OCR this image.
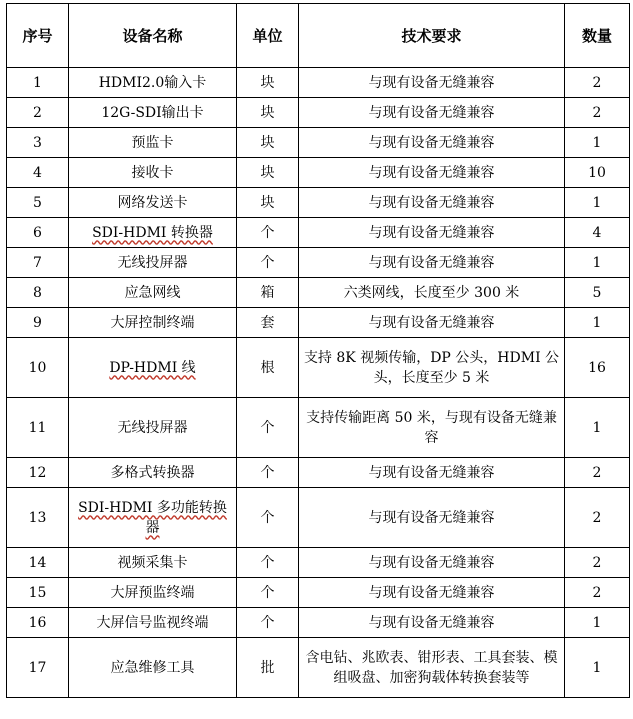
序号	设备名称	单位	技术要求	数量
1	HDMI2.0输入卡	块	与现有设备无缝兼容	2
2	12G-SDI输出卡	块	与现有设备无缝兼容	2
3	预监卡	块	与现有设备无缝兼容	1
4	接收卡	块	与现有设备无缝兼容	10
5	网络发送卡	块	与现有设备无缝兼容	1
6	SDI-HDMI 转换器	个	与现有设备无缝兼容	4
7	无线投屏器	个	与现有设备无缝兼容	1
8	应急网线	箱	六类网线，长度至少 300 米	5
9	大屏控制终端	套	与现有设备无缝兼容	1
10	DP-HDMI 线	根	支持 8K 视频传输，DP 公头，HDMI 公头，长度至少 5 米	16
11	无线投屏器	个	支持传输距离 50 米，与现有设备无缝兼容	1
12	多格式转换器	个	与现有设备无缝兼容	2
13	SDI-HDMI 多功能转换器	个	与现有设备无缝兼容	2
14	视频采集卡	个	与现有设备无缝兼容	2
15	大屏预监终端	个	与现有设备无缝兼容	2
16	大屏信号监视终端	个	与现有设备无缝兼容	1
17	应急维修工具	批	含电钻、兆欧表、钳形表、工具套装、模组吸盘、加密狗载体转换套装等	1
